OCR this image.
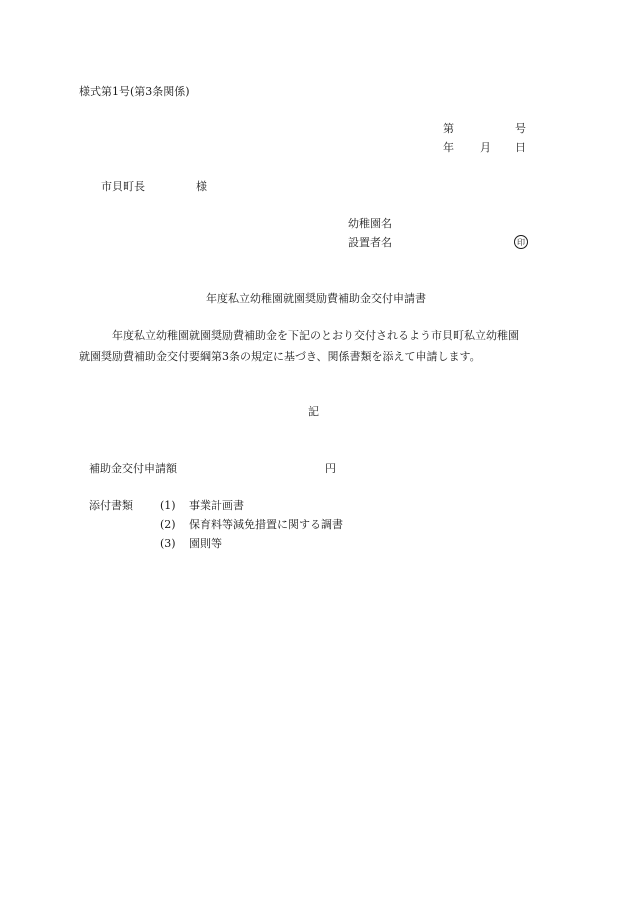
様式第1号(第3条関係)
第	号
年 月 日
市貝町長	様
幼稚園名
設置者名	印
年度私立幼稚園就園奨励費補助金交付申請書
年度私立幼稚園就園奨励費補助金を下記のとおり交付されるよう市貝町私立幼稚園
就園奨励費補助金交付要綱第3条の規定に基づき、関係書類を添えて申請します。
記
補助金交付申請額	円
添付書類 (1) 事業計画書
(2) 保育料等減免措置に関する調書
(3) 園則等
